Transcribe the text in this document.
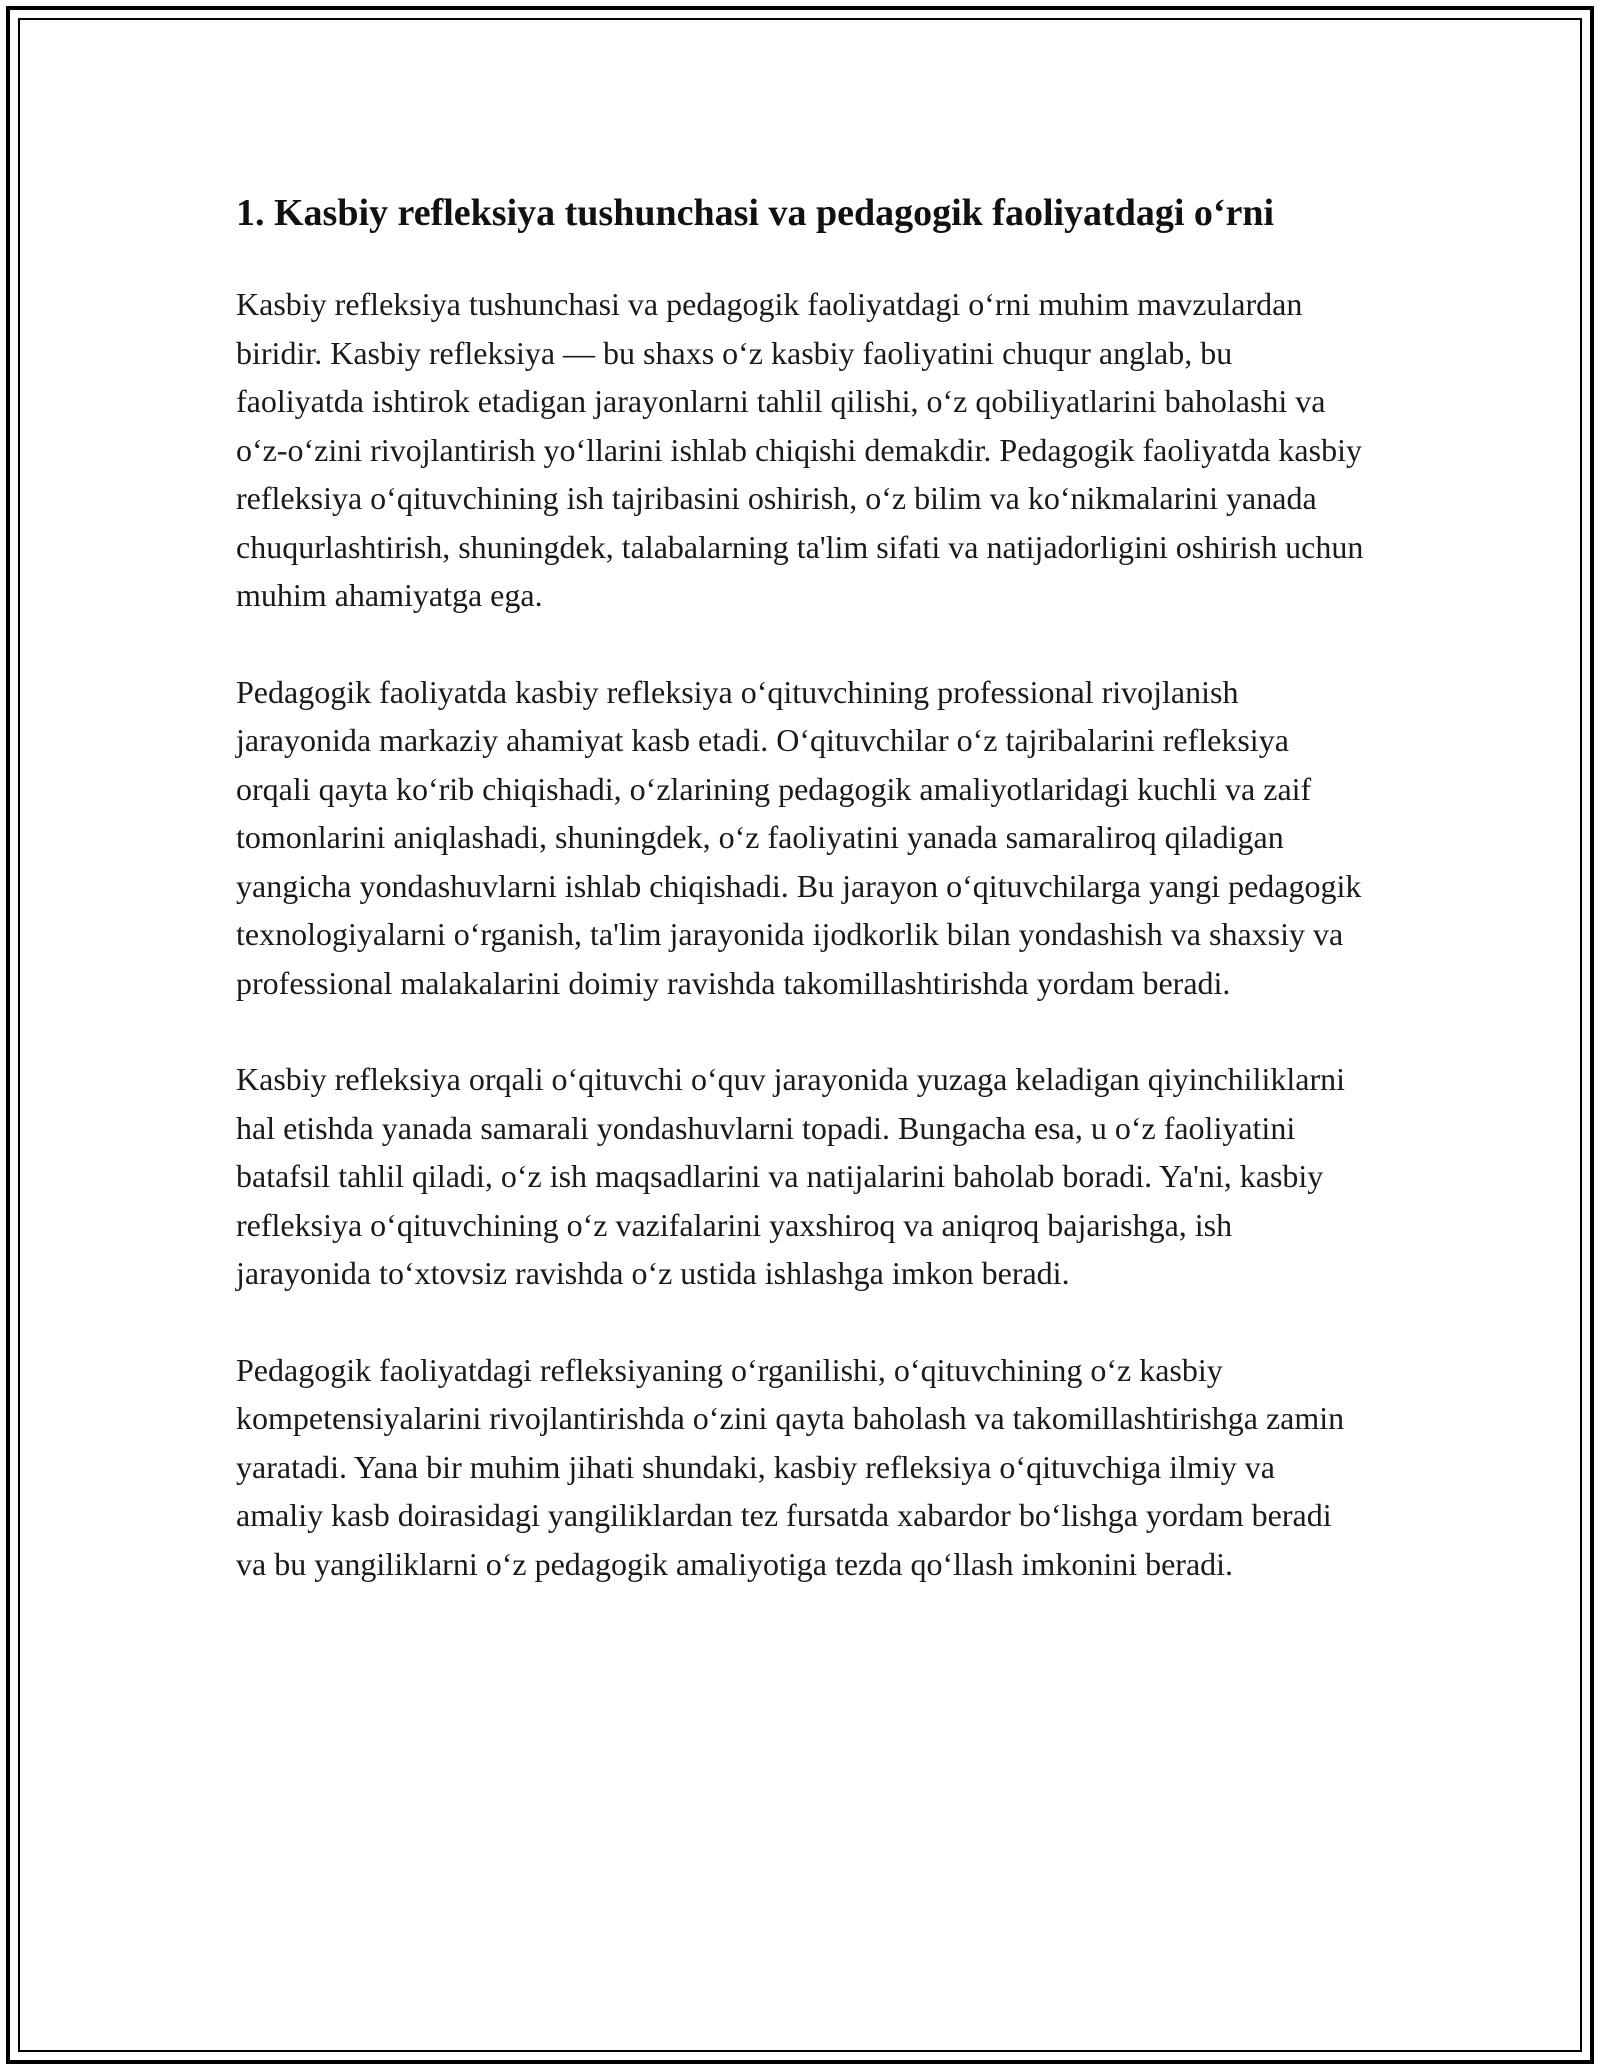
1. Kasbiy refleksiya tushunchasi va pedagogik faoliyatdagi o‘rni

Kasbiy refleksiya tushunchasi va pedagogik faoliyatdagi o‘rni muhim mavzulardan biridir. Kasbiy refleksiya — bu shaxs o‘z kasbiy faoliyatini chuqur anglab, bu faoliyatda ishtirok etadigan jarayonlarni tahlil qilishi, o‘z qobiliyatlarini baholashi va o‘z-o‘zini rivojlantirish yo‘llarini ishlab chiqishi demakdir. Pedagogik faoliyatda kasbiy refleksiya o‘qituvchining ish tajribasini oshirish, o‘z bilim va ko‘nikmalarini yanada chuqurlashtirish, shuningdek, talabalarning ta'lim sifati va natijadorligini oshirish uchun muhim ahamiyatga ega.

Pedagogik faoliyatda kasbiy refleksiya o‘qituvchining professional rivojlanish jarayonida markaziy ahamiyat kasb etadi. O‘qituvchilar o‘z tajribalarini refleksiya orqali qayta ko‘rib chiqishadi, o‘zlarining pedagogik amaliyotlaridagi kuchli va zaif tomonlarini aniqlashadi, shuningdek, o‘z faoliyatini yanada samaraliroq qiladigan yangicha yondashuvlarni ishlab chiqishadi. Bu jarayon o‘qituvchilarga yangi pedagogik texnologiyalarni o‘rganish, ta'lim jarayonida ijodkorlik bilan yondashish va shaxsiy va professional malakalarini doimiy ravishda takomillashtirishda yordam beradi.

Kasbiy refleksiya orqali o‘qituvchi o‘quv jarayonida yuzaga keladigan qiyinchiliklarni hal etishda yanada samarali yondashuvlarni topadi. Bungacha esa, u o‘z faoliyatini batafsil tahlil qiladi, o‘z ish maqsadlarini va natijalarini baholab boradi. Ya'ni, kasbiy refleksiya o‘qituvchining o‘z vazifalarini yaxshiroq va aniqroq bajarishga, ish jarayonida to‘xtovsiz ravishda o‘z ustida ishlashga imkon beradi.

Pedagogik faoliyatdagi refleksiyaning o‘rganilishi, o‘qituvchining o‘z kasbiy kompetensiyalarini rivojlantirishda o‘zini qayta baholash va takomillashtirishga zamin yaratadi. Yana bir muhim jihati shundaki, kasbiy refleksiya o‘qituvchiga ilmiy va amaliy kasb doirasidagi yangiliklardan tez fursatda xabardor bo‘lishga yordam beradi va bu yangiliklarni o‘z pedagogik amaliyotiga tezda qo‘llash imkonini beradi.
